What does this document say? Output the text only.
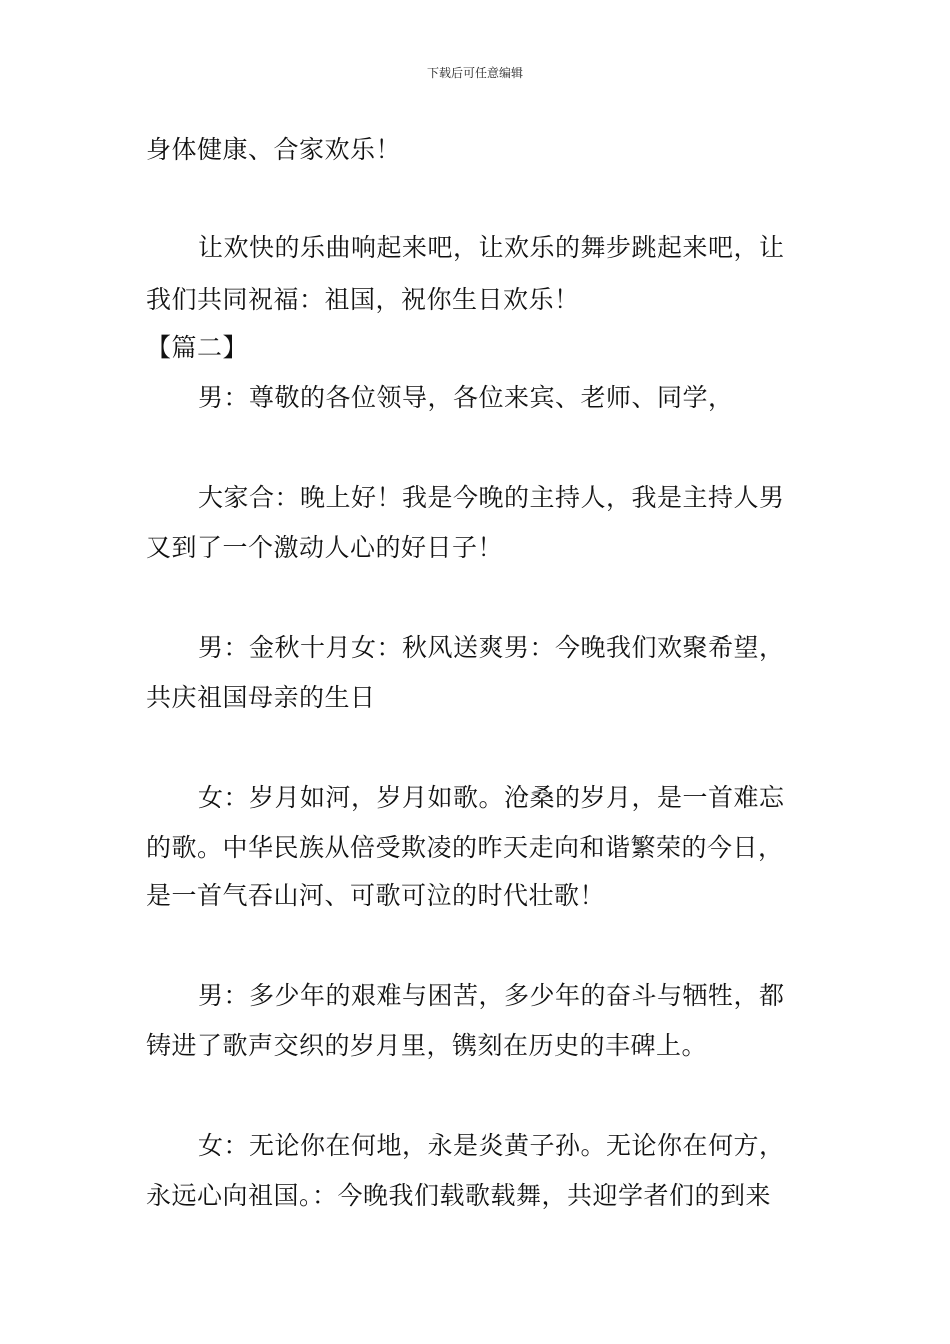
下载后可任意编辑
身体健康、合家欢乐！
让欢快的乐曲响起来吧，让欢乐的舞步跳起来吧，让
我们共同祝福：祖国，祝你生日欢乐！
【篇二】
男：尊敬的各位领导，各位来宾、老师、同学，
大家合：晚上好！我是今晚的主持人，我是主持人男
又到了一个激动人心的好日子！
男：金秋十月女：秋风送爽男：今晚我们欢聚希望，
共庆祖国母亲的生日
女：岁月如河，岁月如歌。沧桑的岁月，是一首难忘
的歌。中华民族从倍受欺凌的昨天走向和谐繁荣的今日，
是一首气吞山河、可歌可泣的时代壮歌！
男：多少年的艰难与困苦，多少年的奋斗与牺牲，都
铸进了歌声交织的岁月里，镌刻在历史的丰碑上。
女：无论你在何地，永是炎黄子孙。无论你在何方，
永远心向祖国。：今晚我们载歌载舞，共迎学者们的到来
